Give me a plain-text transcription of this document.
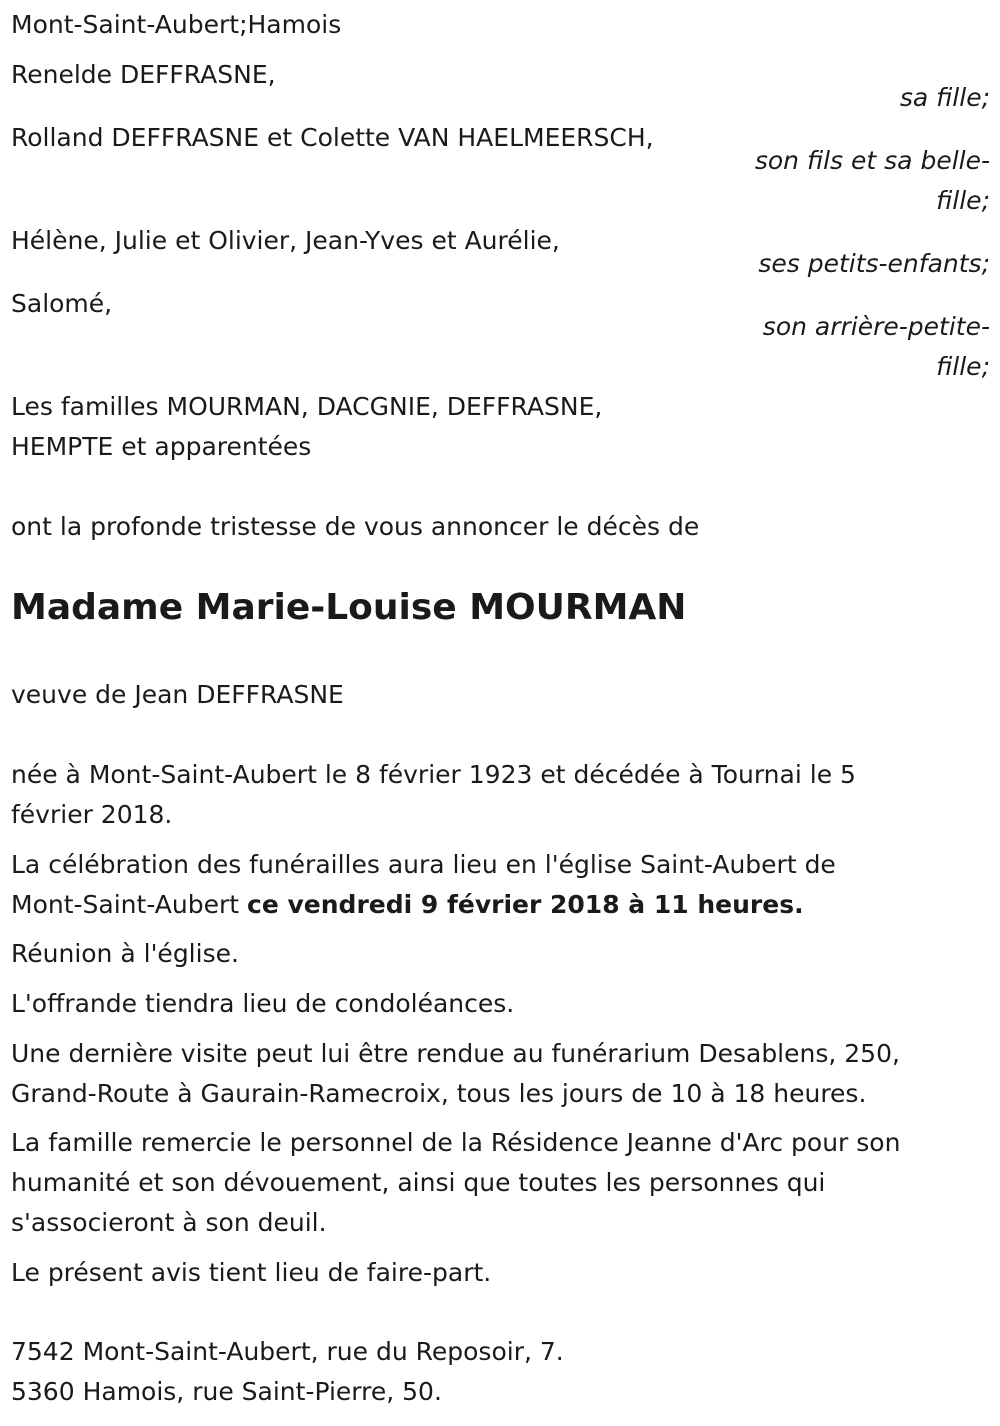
Mont-Saint-Aubert;Hamois
Renelde DEFFRASNE,
sa fille;
Rolland DEFFRASNE et Colette VAN HAELMEERSCH,
son fils et sa belle-
fille;
Hélène, Julie et Olivier, Jean-Yves et Aurélie,
ses petits-enfants;
Salomé,
son arrière-petite-
fille;
Les familles MOURMAN, DACGNIE, DEFFRASNE,
HEMPTE et apparentées
ont la profonde tristesse de vous annoncer le décès de
Madame Marie-Louise MOURMAN
veuve de Jean DEFFRASNE
née à Mont-Saint-Aubert le 8 février 1923 et décédée à Tournai le 5
février 2018.
La célébration des funérailles aura lieu en l'église Saint-Aubert de
Mont-Saint-Aubert ce vendredi 9 février 2018 à 11 heures.
Réunion à l'église.
L'offrande tiendra lieu de condoléances.
Une dernière visite peut lui être rendue au funérarium Desablens, 250,
Grand-Route à Gaurain-Ramecroix, tous les jours de 10 à 18 heures.
La famille remercie le personnel de la Résidence Jeanne d'Arc pour son
humanité et son dévouement, ainsi que toutes les personnes qui
s'associeront à son deuil.
Le présent avis tient lieu de faire-part.
7542 Mont-Saint-Aubert, rue du Reposoir, 7.
5360 Hamois, rue Saint-Pierre, 50.
